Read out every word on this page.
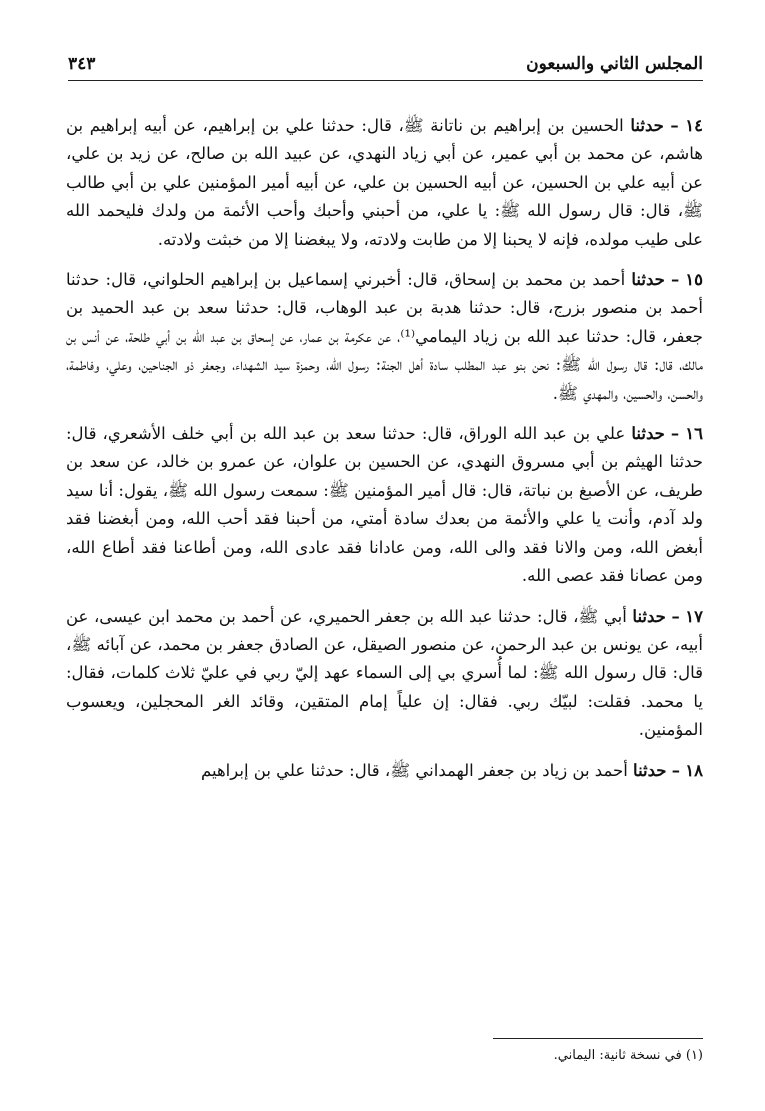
المجلس الثاني والسبعون
٣٤٣

١٤ – حدثنا الحسين بن إبراهيم بن ناتانة ﷺ، قال: حدثنا علي بن إبراهيم، عن أبيه إبراهيم بن هاشم، عن محمد بن أبي عمير، عن أبي زياد النهدي، عن عبيد الله بن صالح، عن زيد بن علي، عن أبيه علي بن الحسين، عن أبيه الحسين بن علي، عن أبيه أمير المؤمنين علي بن أبي طالب ﷺ، قال: قال رسول الله ﷺ: يا علي، من أحبني وأحبك وأحب الأئمة من ولدك فليحمد الله على طيب مولده، فإنه لا يحبنا إلا من طابت ولادته، ولا يبغضنا إلا من خبثت ولادته.

١٥ – حدثنا أحمد بن محمد بن إسحاق، قال: أخبرني إسماعيل بن إبراهيم الحلواني، قال: حدثنا أحمد بن منصور بزرج، قال: حدثنا هدبة بن عبد الوهاب، قال: حدثنا سعد بن عبد الحميد بن جعفر، قال: حدثنا عبد الله بن زياد اليمامي⁽¹⁾، عن عكرمة بن عمار، عن إسحاق بن عبد الله بن أبي طلحة، عن أنس بن مالك، قال: قال رسول الله ﷺ: نحن بنو عبد المطلب سادة أهل الجنة: رسول الله، وحمزة سيد الشهداء، وجعفر ذو الجناحين، وعلي، وفاطمة، والحسن، والحسين، والمهدي ﷺ.

١٦ – حدثنا علي بن عبد الله الوراق، قال: حدثنا سعد بن عبد الله بن أبي خلف الأشعري، قال: حدثنا الهيثم بن أبي مسروق النهدي، عن الحسين بن علوان، عن عمرو بن خالد، عن سعد بن طريف، عن الأصبغ بن نباتة، قال: قال أمير المؤمنين ﷺ: سمعت رسول الله ﷺ، يقول: أنا سيد ولد آدم، وأنت يا علي والأئمة من بعدك سادة أمتي، من أحبنا فقد أحب الله، ومن أبغضنا فقد أبغض الله، ومن والانا فقد والى الله، ومن عادانا فقد عادى الله، ومن أطاعنا فقد أطاع الله، ومن عصانا فقد عصى الله.

١٧ – حدثنا أبي ﷺ، قال: حدثنا عبد الله بن جعفر الحميري، عن أحمد بن محمد ابن عيسى، عن أبيه، عن يونس بن عبد الرحمن، عن منصور الصيقل، عن الصادق جعفر بن محمد، عن آبائه ﷺ، قال: قال رسول الله ﷺ: لما أُسري بي إلى السماء عهد إليّ ربي في عليّ ثلاث كلمات، فقال: يا محمد. فقلت: لبيّك ربي. فقال: إن علياً إمام المتقين، وقائد الغر المحجلين، ويعسوب المؤمنين.

١٨ – حدثنا أحمد بن زياد بن جعفر الهمداني ﷺ، قال: حدثنا علي بن إبراهيم

(١) في نسخة ثانية: اليماني.
